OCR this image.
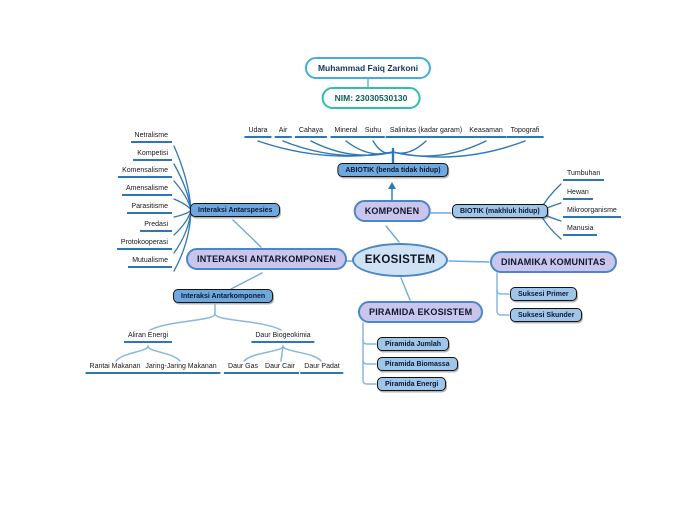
Muhammad Faiq Zarkoni
NIM: 23030530130
Udara	Air	Cahaya	Mineral	Suhu	Salinitas (kadar garam)	Keasaman	Topografi
ABIOTIK (benda tidak hidup)
KOMPONEN	BIOTIK (makhluk hidup)
Tumbuhan
Hewan
Mikroorganisme
Manusia
Netralisme
Kompetisi
Komensalisme
Amensalisme
Parasitisme
Predasi
Protokooperasi
Mutualisme
Interaksi Antarspesies
INTERAKSI ANTARKOMPONEN
Interaksi Antarkomponen
EKOSISTEM	DINAMIKA KOMUNITAS
Suksesi Primer
Suksesi Skunder
PIRAMIDA EKOSISTEM
Piramida Jumlah
Piramida Biomassa
Piramida Energi
Aliran Energi	Daur Biogeokimia
Rantai Makanan Jaring-Jaring Makanan	Daur Gas	Daur Cair	Daur Padat
